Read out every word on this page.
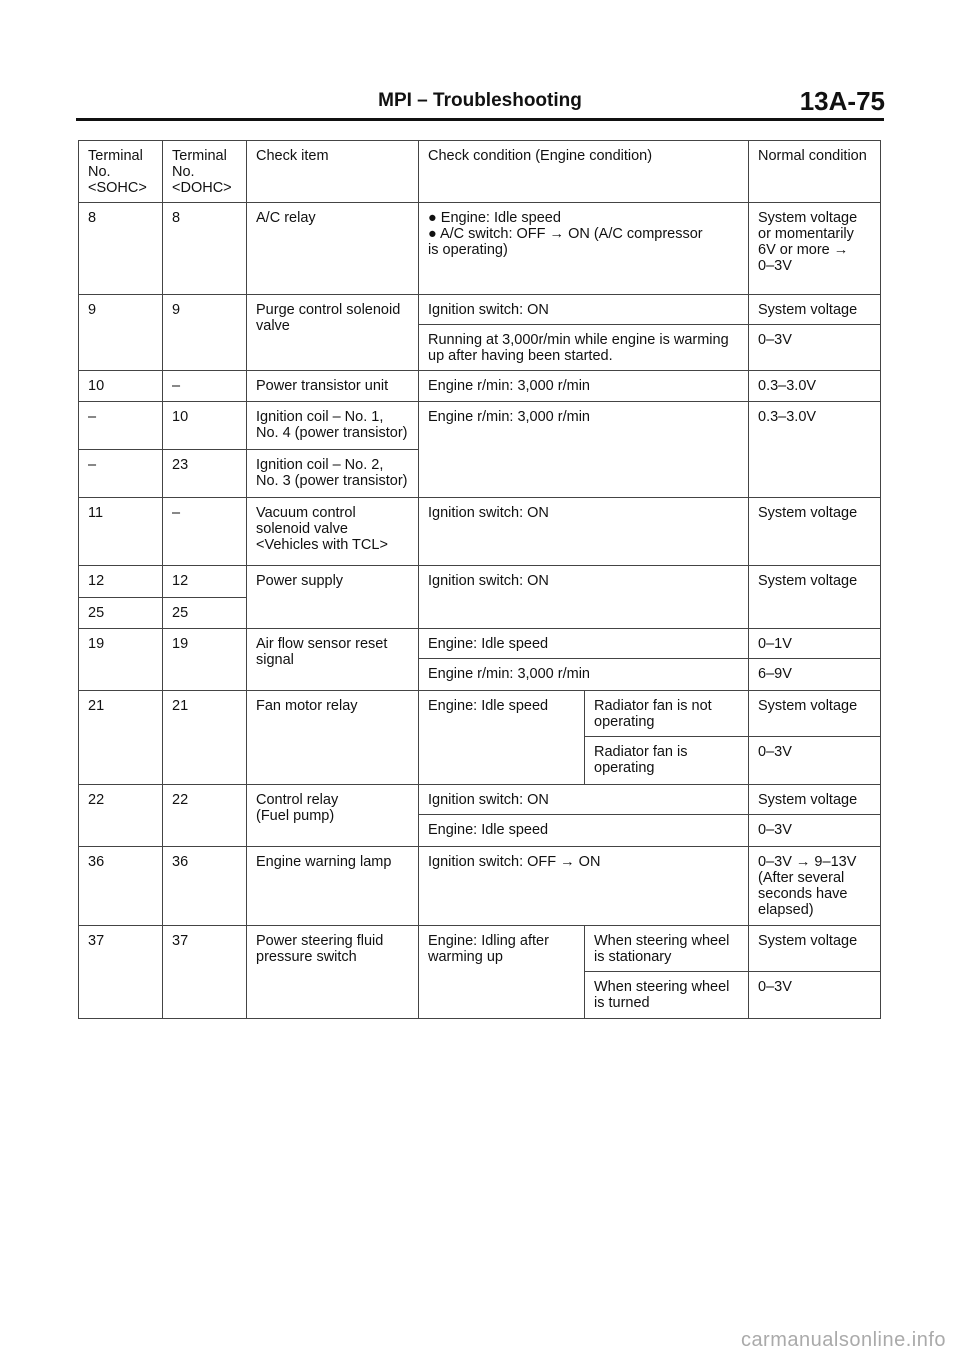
MPI – Troubleshooting	13A-75
Terminal
No.
<SOHC>	Terminal
No.
<DOHC>	Check item	Check condition (Engine condition)		Normal condition
8	8	A/C relay	● Engine: Idle speed
● A/C switch: OFF → ON (A/C compressor
is operating)		System voltage
or momentarily
6V or more →
0–3V
9	9	Purge control solenoid
valve	Ignition switch: ON		System voltage
			Running at 3,000r/min while engine is warming
up after having been started.		0–3V
10	–	Power transistor unit	Engine r/min: 3,000 r/min		0.3–3.0V
–	10	Ignition coil – No. 1,
No. 4 (power transistor)	Engine r/min: 3,000 r/min		0.3–3.0V
–	23	Ignition coil – No. 2,
No. 3 (power transistor)			
11	–	Vacuum control
solenoid valve
<Vehicles with TCL>	Ignition switch: ON		System voltage
12	12	Power supply	Ignition switch: ON		System voltage
25	25				
19	19	Air flow sensor reset
signal	Engine: Idle speed		0–1V
			Engine r/min: 3,000 r/min		6–9V
21	21	Fan motor relay	Engine: Idle speed	Radiator fan is not
operating	System voltage
				Radiator fan is
operating	0–3V
22	22	Control relay
(Fuel pump)	Ignition switch: ON		System voltage
			Engine: Idle speed		0–3V
36	36	Engine warning lamp	Ignition switch: OFF → ON		0–3V → 9–13V
(After several
seconds have
elapsed)
37	37	Power steering fluid
pressure switch	Engine: Idling after
warming up	When steering wheel
is stationary	System voltage
				When steering wheel
is turned	0–3V
carmanualsonline.info
